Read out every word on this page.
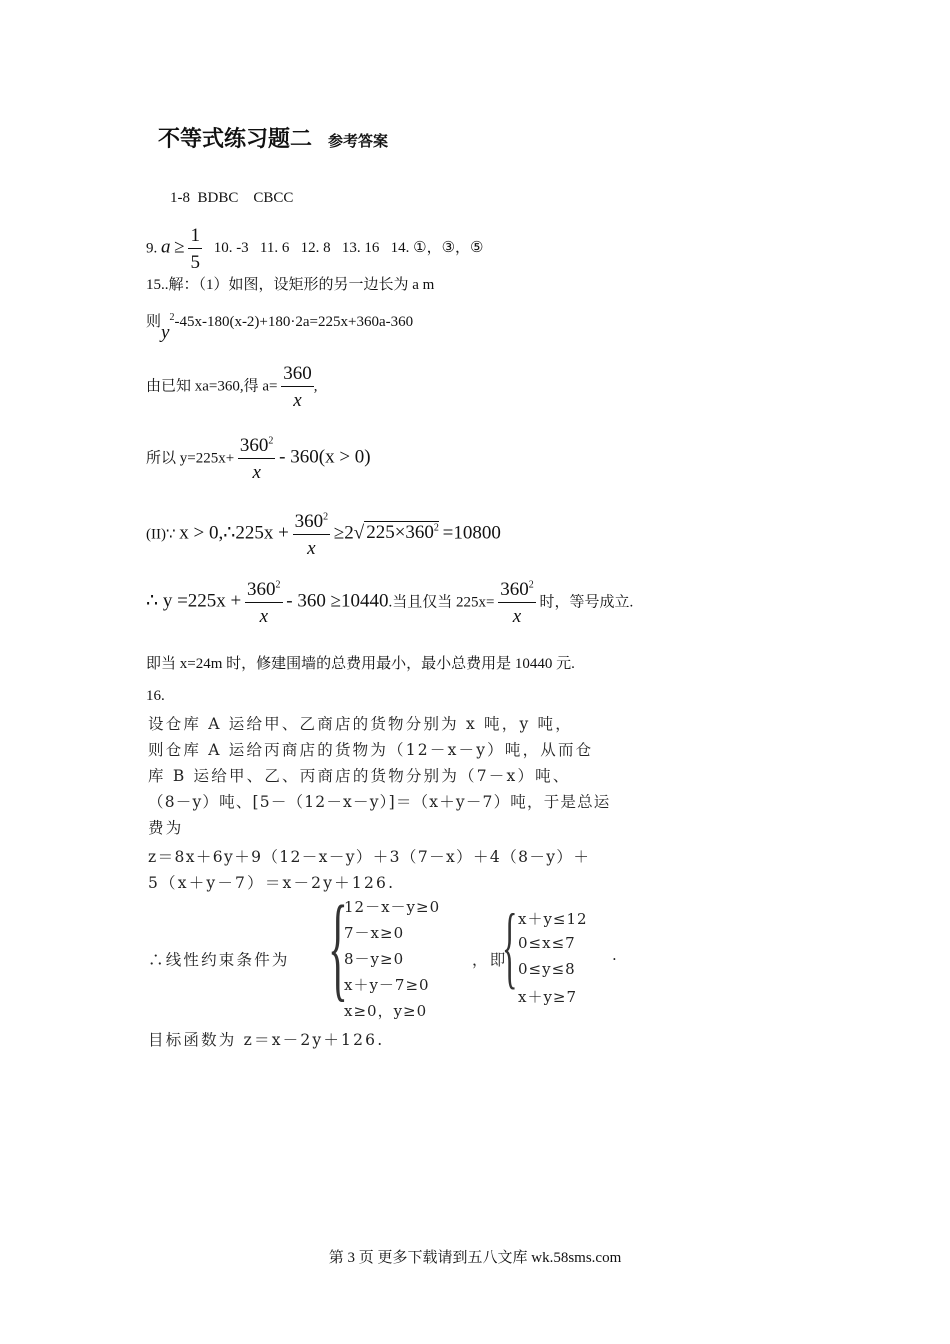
不等式练习题二 参考答案
1-8  BDBC    CBCC
9. $a \ge \frac{1}{5} 10$. -3   11. 6   12. 8   13. 16   14. ①，③，⑤
15..解：（1）如图，设矩形的另一边长为 a m
则$y^2-45x-180(x-2)+180\cdot 2a=225x+360a-360$
由已知 xa=360,得 $a= \frac{360}{x}$ ,
所以 $y=225x+ \frac{360^2}{x} - 360(x > 0)$
(II)∵ x > 0,∴225x + $\frac{360^2}{x} \ge 2√$ $225\times 360^2 =10800$
∴ $y =225x + \frac{360^2}{x} - 360 \ge 10440$.当且仅当 $225x= \frac{360^2}{x}$ 时，等号成立.
即当 x=24m 时，修建围墙的总费用最小，最小总费用是 10440 元.
16.
设仓库 A 运给甲、乙商店的货物分别为 x 吨，y 吨，
则仓库 A 运给丙商店的货物为（12－x－y）吨，从而仓
库 B 运给甲、乙、丙商店的货物分别为（7－x）吨、
（8－y）吨、[5－（12－x－y）]＝（x＋y－7）吨，于是总运
费为
z＝8x＋6y＋9（12－x－y）＋3（7－x）＋4（8－y）＋
5（x＋y－7）＝x－2y＋126.
∴线性约束条件为 {
12－x－y≥0
7－x≥0
8－y≥0
x＋y－7≥0
x≥0，y≥0
，即
{ x＋y≤12
0≤x≤7
0≤y≤8
x＋y≥7
.
目标函数为 z＝x－2y＋126.
第 3 页 更多下载请到五八文库 wk.58sms.com
